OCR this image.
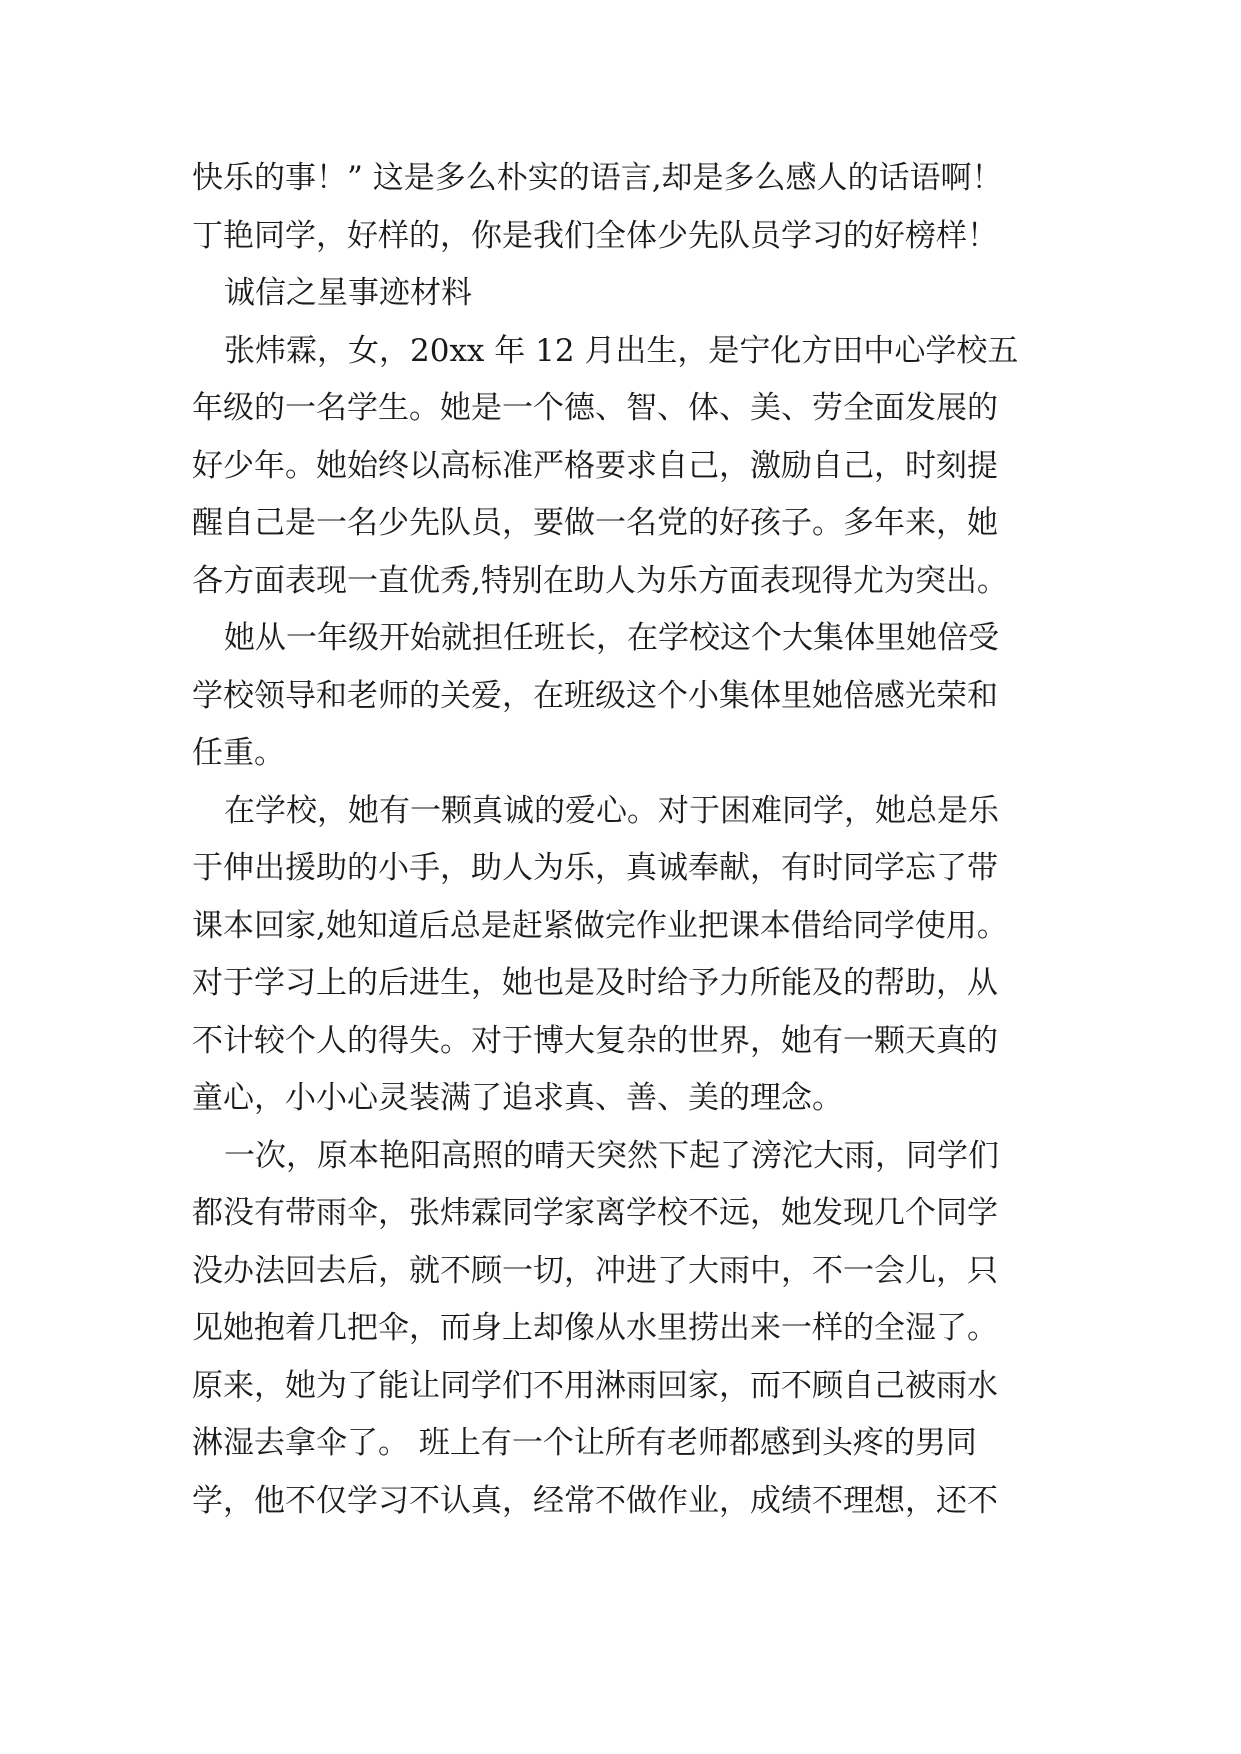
快乐的事！” 这是多么朴实的语言,却是多么感人的话语啊！
丁艳同学，好样的，你是我们全体少先队员学习的好榜样！
诚信之星事迹材料
张炜霖，女，20xx 年 12 月出生，是宁化方田中心学校五
年级的一名学生。她是一个德、智、体、美、劳全面发展的
好少年。她始终以高标准严格要求自己，激励自己，时刻提
醒自己是一名少先队员，要做一名党的好孩子。多年来，她
各方面表现一直优秀,特别在助人为乐方面表现得尤为突出。
她从一年级开始就担任班长，在学校这个大集体里她倍受
学校领导和老师的关爱，在班级这个小集体里她倍感光荣和
任重。
在学校，她有一颗真诚的爱心。对于困难同学，她总是乐
于伸出援助的小手，助人为乐，真诚奉献，有时同学忘了带
课本回家,她知道后总是赶紧做完作业把课本借给同学使用。
对于学习上的后进生，她也是及时给予力所能及的帮助，从
不计较个人的得失。对于博大复杂的世界，她有一颗天真的
童心，小小心灵装满了追求真、善、美的理念。
一次，原本艳阳高照的晴天突然下起了滂沱大雨，同学们
都没有带雨伞，张炜霖同学家离学校不远，她发现几个同学
没办法回去后，就不顾一切，冲进了大雨中，不一会儿，只
见她抱着几把伞，而身上却像从水里捞出来一样的全湿了。
原来，她为了能让同学们不用淋雨回家，而不顾自己被雨水
淋湿去拿伞了。 班上有一个让所有老师都感到头疼的男同
学，他不仅学习不认真，经常不做作业，成绩不理想，还不
